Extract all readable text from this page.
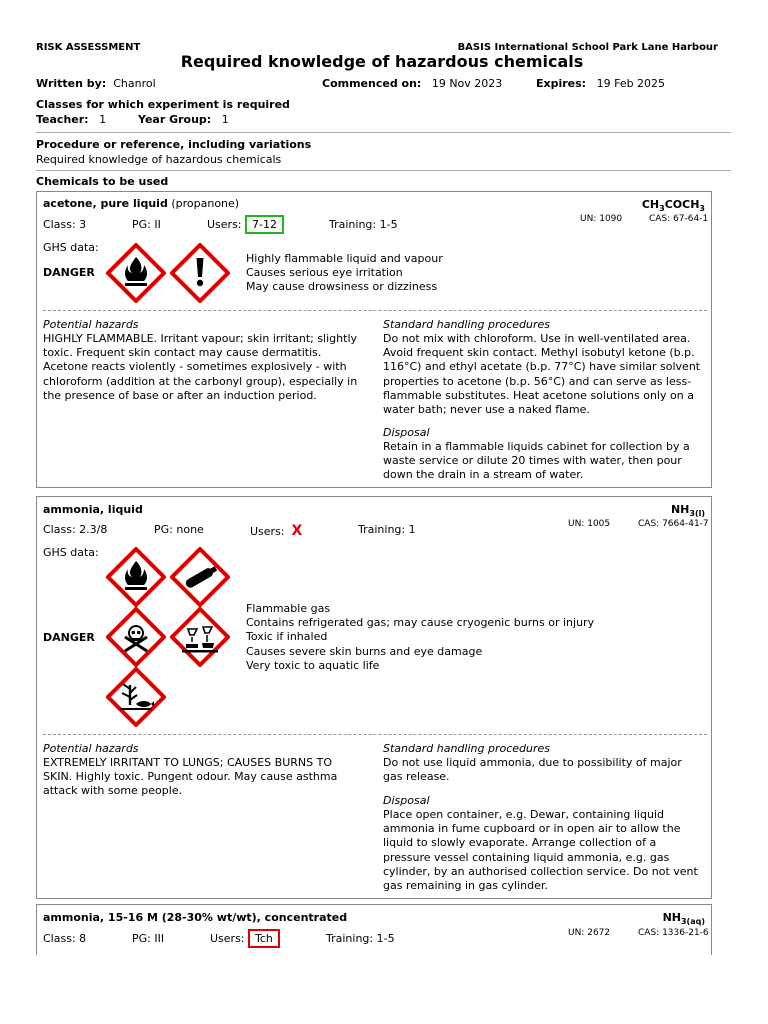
RISK ASSESSMENT	BASIS International School Park Lane Harbour
Required knowledge of hazardous chemicals
Written by: Chanrol	Commenced on: 19 Nov 2023	Expires: 19 Feb 2025
Classes for which experiment is required
Teacher: 1	Year Group: 1
Procedure or reference, including variations
Required knowledge of hazardous chemicals
Chemicals to be used
acetone, pure liquid (propanone)	$CH_3COCH_3$
Class: 3	PG: II	Users: 7-12	Training: 1-5	UN: 1090	CAS: 67-64-1
GHS data:
DANGER
Highly flammable liquid and vapour
Causes serious eye irritation
May cause drowsiness or dizziness
Potential hazards
HIGHLY FLAMMABLE. Irritant vapour; skin irritant; slightly
toxic. Frequent skin contact may cause dermatitis.
Acetone reacts violently - sometimes explosively - with
chloroform (addition at the carbonyl group), especially in
the presence of base or after an induction period.
Standard handling procedures
Do not mix with chloroform. Use in well-ventilated area.
Avoid frequent skin contact. Methyl isobutyl ketone (b.p.
116°C) and ethyl acetate (b.p. 77°C) have similar solvent
properties to acetone (b.p. 56°C) and can serve as less-
flammable substitutes. Heat acetone solutions only on a
water bath; never use a naked flame.
Disposal
Retain in a flammable liquids cabinet for collection by a
waste service or dilute 20 times with water, then pour
down the drain in a stream of water.
ammonia, liquid	$NH_{3(l)}$
Class: 2.3/8	PG: none	Users: X	Training: 1	UN: 1005	CAS: 7664-41-7
GHS data:
DANGER
Flammable gas
Contains refrigerated gas; may cause cryogenic burns or injury
Toxic if inhaled
Causes severe skin burns and eye damage
Very toxic to aquatic life
Potential hazards
EXTREMELY IRRITANT TO LUNGS; CAUSES BURNS TO
SKIN. Highly toxic. Pungent odour. May cause asthma
attack with some people.
Standard handling procedures
Do not use liquid ammonia, due to possibility of major
gas release.
Disposal
Place open container, e.g. Dewar, containing liquid
ammonia in fume cupboard or in open air to allow the
liquid to slowly evaporate. Arrange collection of a
pressure vessel containing liquid ammonia, e.g. gas
cylinder, by an authorised collection service. Do not vent
gas remaining in gas cylinder.
ammonia, 15-16 M (28-30% wt/wt), concentrated	$NH_{3(aq)}$
Class: 8	PG: III	Users: Tch	Training: 1-5	UN: 2672	CAS: 1336-21-6
